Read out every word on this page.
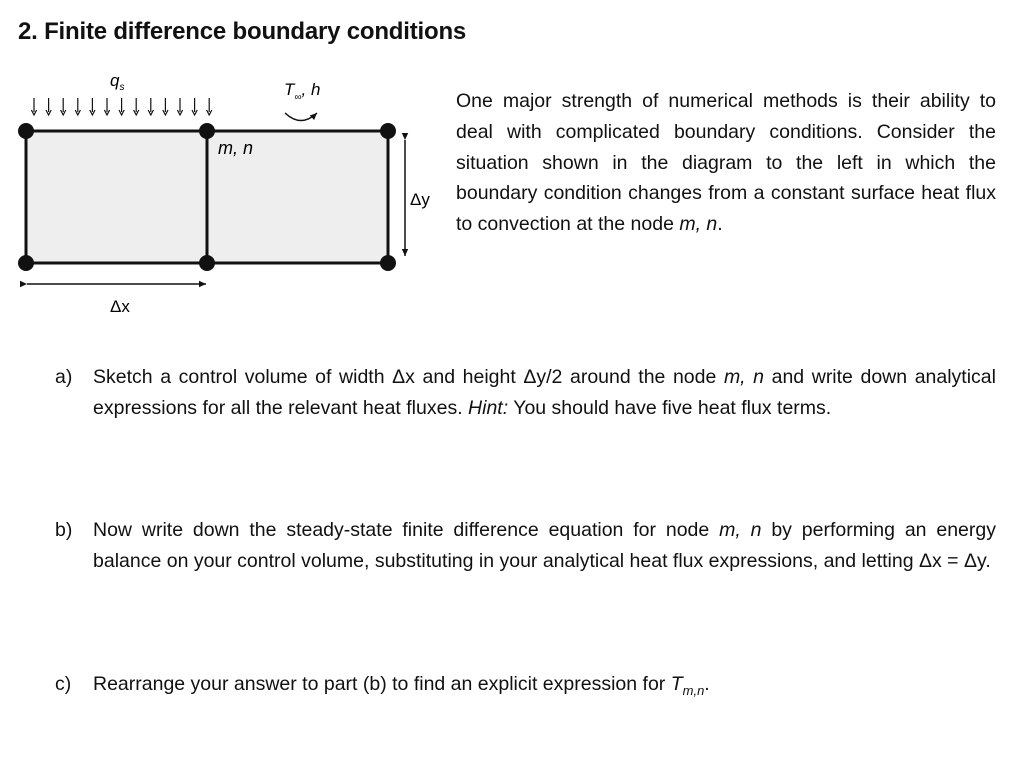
2. Finite difference boundary conditions
$q_s$	$T_\infty$, h
m, n
Δy
Δx

One major strength of numerical methods is their ability to deal with complicated boundary conditions. Consider the situation shown in the diagram to the left in which the boundary condition changes from a constant surface heat flux to convection at the node m, n.

a) Sketch a control volume of width Δx and height Δy/2 around the node m, n and write down analytical expressions for all the relevant heat fluxes. Hint: You should have five heat flux terms.

b) Now write down the steady-state finite difference equation for node m, n by performing an energy balance on your control volume, substituting in your analytical heat flux expressions, and letting Δx = Δy.

c) Rearrange your answer to part (b) to find an explicit expression for $T_{m,n}$.
